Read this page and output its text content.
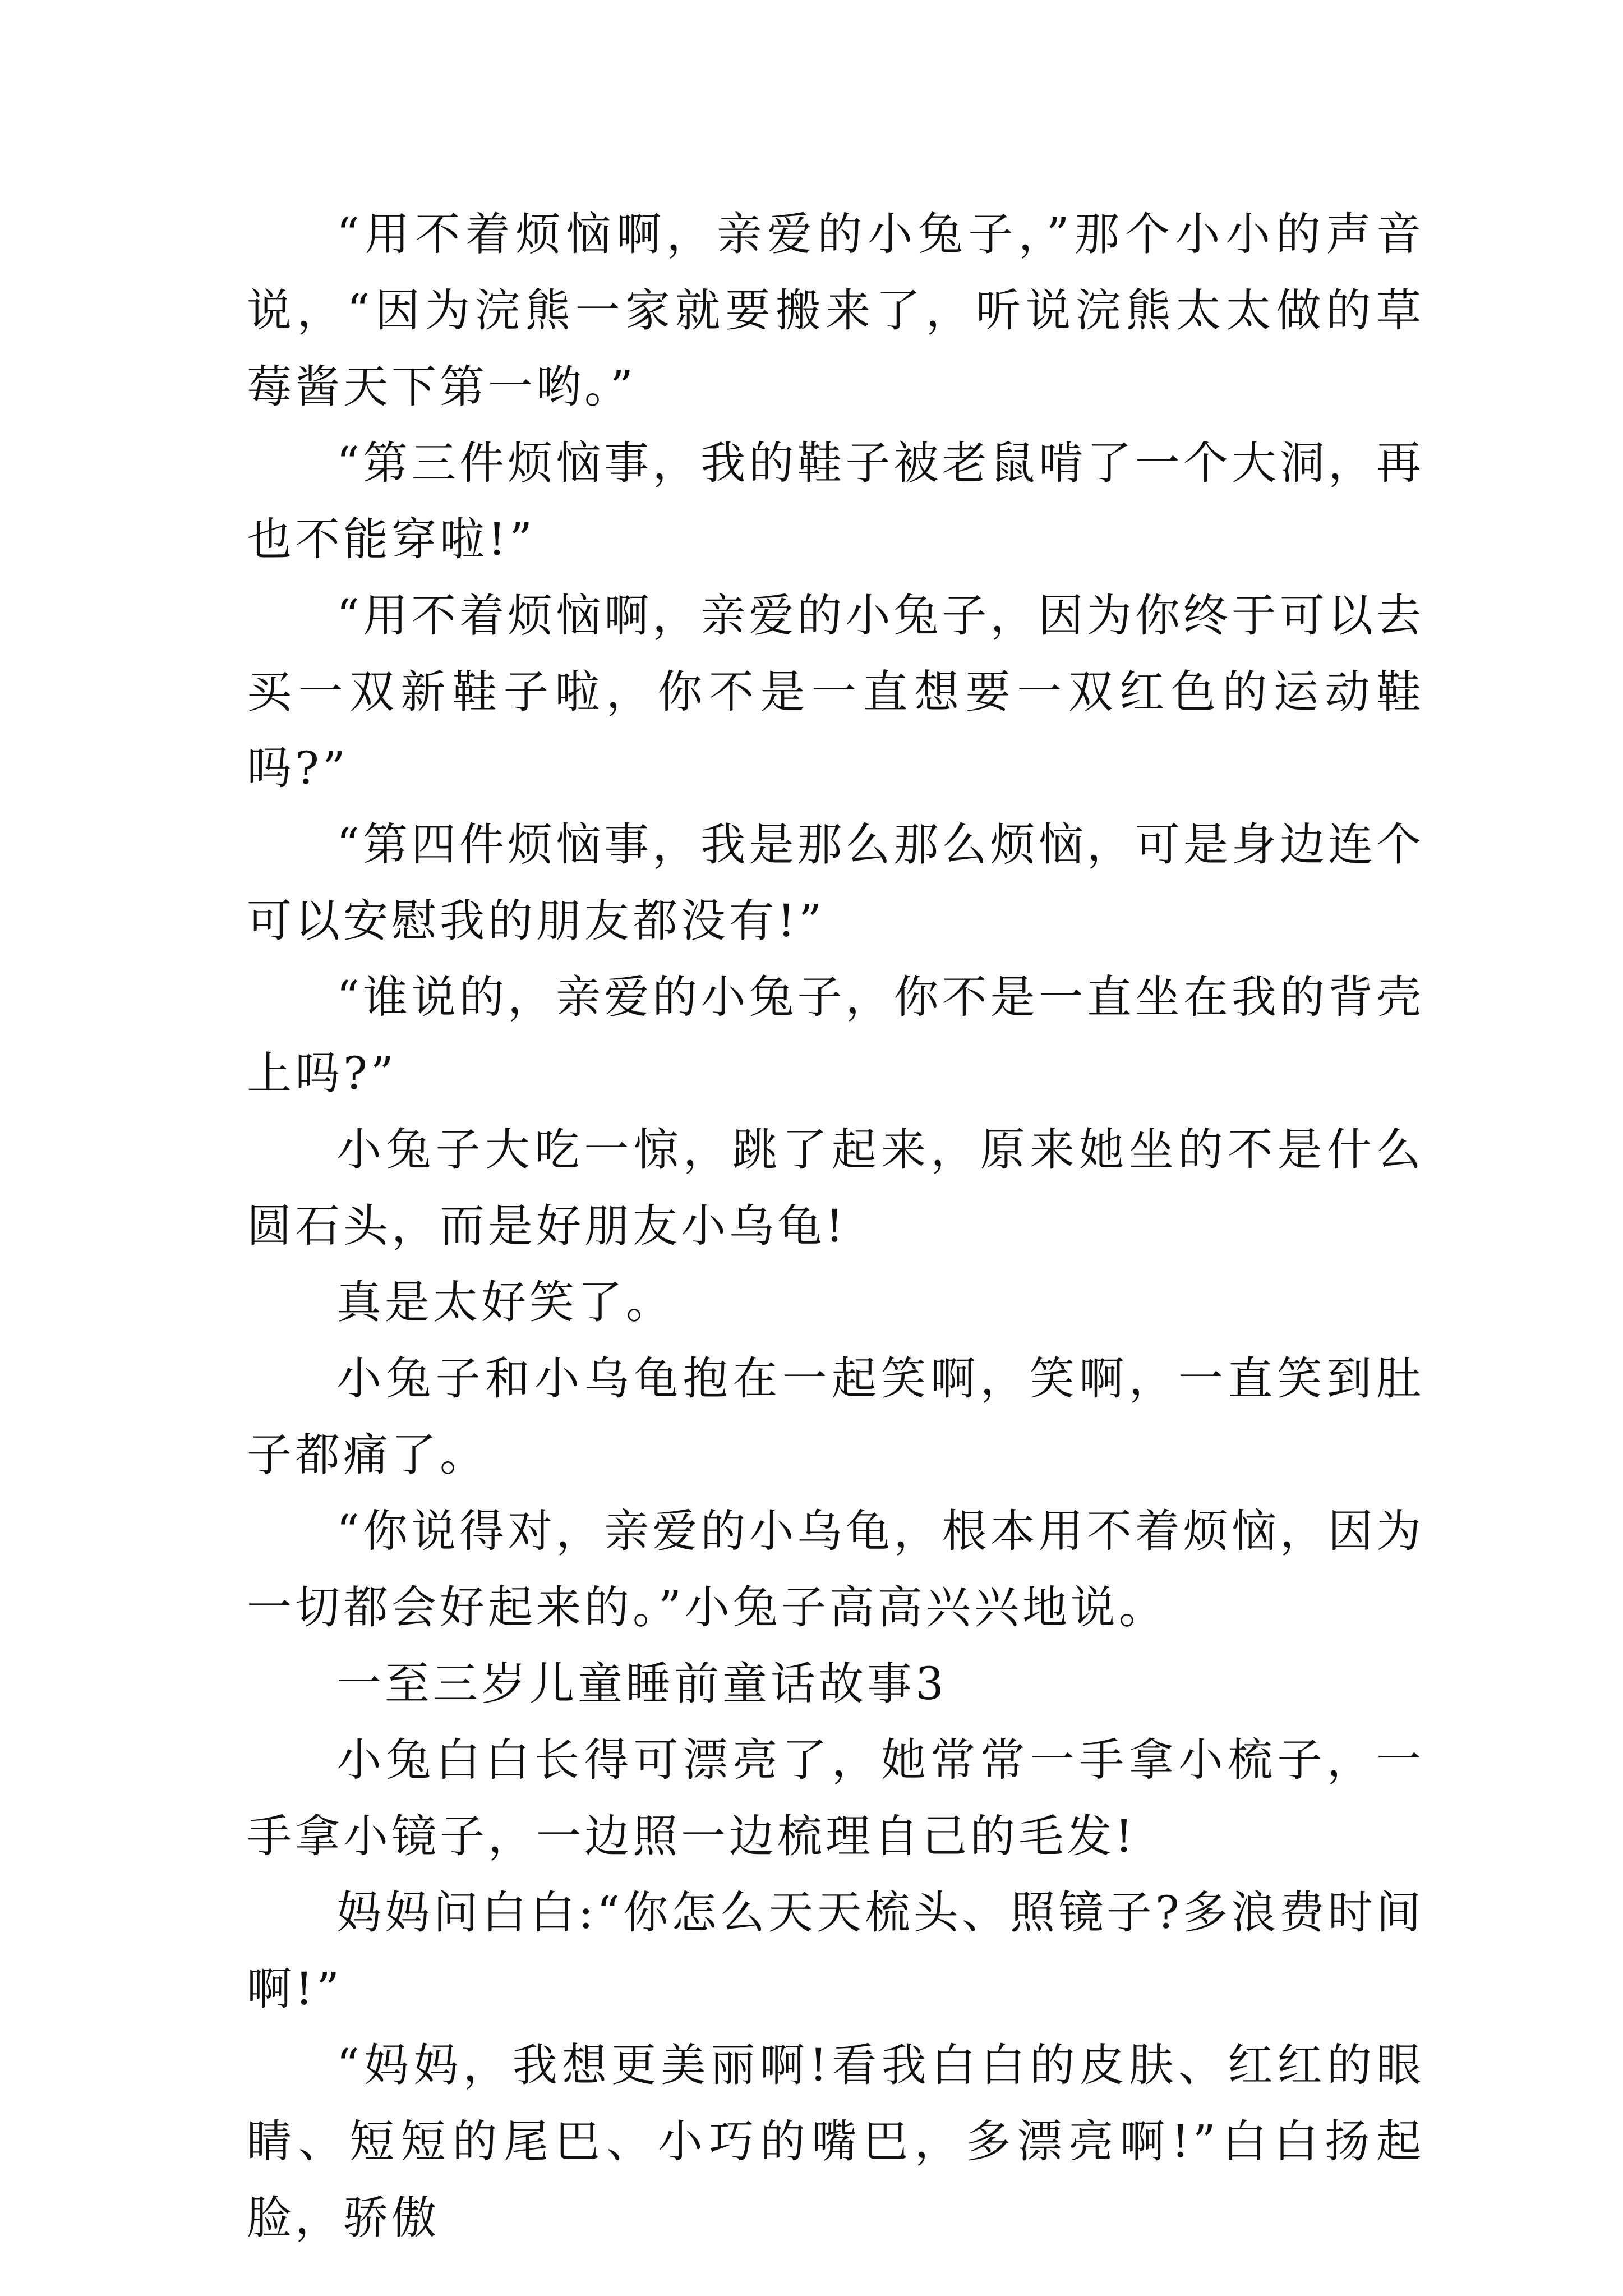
“用不着烦恼啊，亲爱的小兔子，”那个小小的声音说，“因为浣熊一家就要搬来了，听说浣熊太太做的草莓酱天下第一哟。”

“第三件烦恼事，我的鞋子被老鼠啃了一个大洞，再也不能穿啦!”

“用不着烦恼啊，亲爱的小兔子，因为你终于可以去买一双新鞋子啦，你不是一直想要一双红色的运动鞋吗?”

“第四件烦恼事，我是那么那么烦恼，可是身边连个可以安慰我的朋友都没有!”

“谁说的，亲爱的小兔子，你不是一直坐在我的背壳上吗?”

小兔子大吃一惊，跳了起来，原来她坐的不是什么圆石头，而是好朋友小乌龟!

真是太好笑了。

小兔子和小乌龟抱在一起笑啊，笑啊，一直笑到肚子都痛了。

“你说得对，亲爱的小乌龟，根本用不着烦恼，因为一切都会好起来的。”小兔子高高兴兴地说。

一至三岁儿童睡前童话故事3

小兔白白长得可漂亮了，她常常一手拿小梳子，一手拿小镜子，一边照一边梳理自己的毛发!

妈妈问白白:“你怎么天天梳头、照镜子?多浪费时间啊!”

“妈妈，我想更美丽啊!看我白白的皮肤、红红的眼睛、短短的尾巴、小巧的嘴巴，多漂亮啊!”白白扬起脸，骄傲
